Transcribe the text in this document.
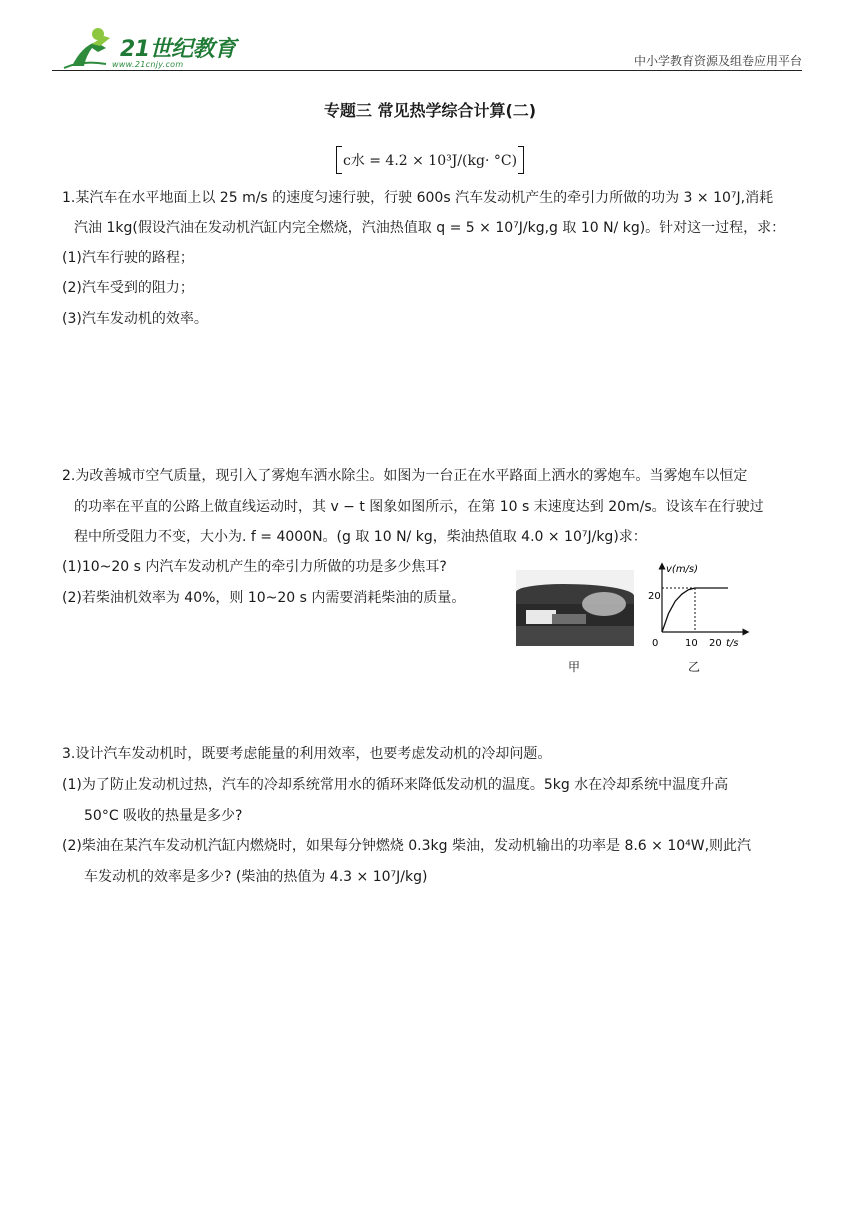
21世纪教育
www.21cnjy.com	中小学教育资源及组卷应用平台
专题三 常见热学综合计算(二)
c水 = 4.2 × 10³J/(kg· °C)
1.某汽车在水平地面上以 25 m/s 的速度匀速行驶，行驶 600s 汽车发动机产生的牵引力所做的功为 3 × 10⁷J,消耗
汽油 1kg(假设汽油在发动机汽缸内完全燃烧，汽油热值取 q = 5 × 10⁷J/kg,g 取 10 N/ kg)。针对这一过程，求：
(1)汽车行驶的路程；
(2)汽车受到的阻力；
(3)汽车发动机的效率。
2.为改善城市空气质量，现引入了雾炮车洒水除尘。如图为一台正在水平路面上洒水的雾炮车。当雾炮车以恒定
的功率在平直的公路上做直线运动时，其 v − t 图象如图所示，在第 10 s 末速度达到 20m/s。设该车在行驶过
程中所受阻力不变，大小为. f = 4000N。(g 取 10 N/ kg，柴油热值取 4.0 × 10⁷J/kg)求：
(1)10~20 s 内汽车发动机产生的牵引力所做的功是多少焦耳?
(2)若柴油机效率为 40%，则 10~20 s 内需要消耗柴油的质量。
甲
v(m/s)
t/s
20
0	10 20
乙
3.设计汽车发动机时，既要考虑能量的利用效率，也要考虑发动机的冷却问题。
(1)为了防止发动机过热，汽车的冷却系统常用水的循环来降低发动机的温度。5kg 水在冷却系统中温度升高
50°C 吸收的热量是多少?
(2)柴油在某汽车发动机汽缸内燃烧时，如果每分钟燃烧 0.3kg 柴油，发动机输出的功率是 8.6 × 10⁴W,则此汽
车发动机的效率是多少? (柴油的热值为 4.3 × 10⁷J/kg)
